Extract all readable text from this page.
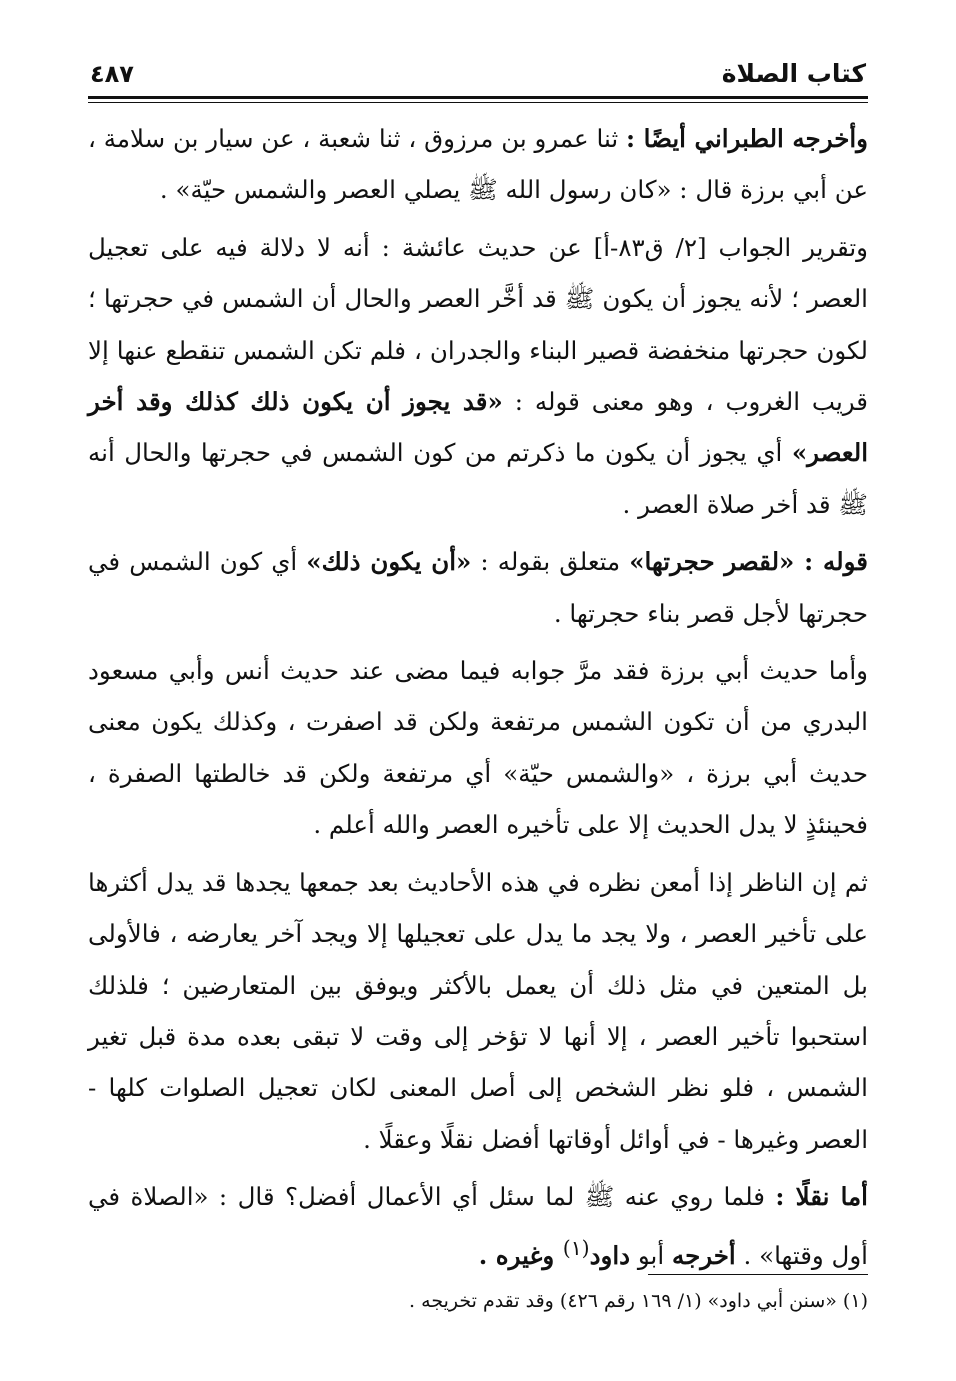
كتاب الصلاة
٤٨٧

وأخرجه الطبراني أيضًا : ثنا عمرو بن مرزوق ، ثنا شعبة ، عن سيار بن سلامة ، عن أبي برزة قال : «كان رسول الله ﷺ يصلي العصر والشمس حيّة» .

وتقرير الجواب [٢/ ق٨٣-أ] عن حديث عائشة : أنه لا دلالة فيه على تعجيل العصر ؛ لأنه يجوز أن يكون ﷺ قد أخَّر العصر والحال أن الشمس في حجرتها ؛ لكون حجرتها منخفضة قصير البناء والجدران ، فلم تكن الشمس تنقطع عنها إلا قريب الغروب ، وهو معنى قوله : «قد يجوز أن يكون ذلك كذلك وقد أخر العصر» أي يجوز أن يكون ما ذكرتم من كون الشمس في حجرتها والحال أنه ﷺ قد أخر صلاة العصر .

قوله : «لقصر حجرتها» متعلق بقوله : «أن يكون ذلك» أي كون الشمس في حجرتها لأجل قصر بناء حجرتها .

وأما حديث أبي برزة فقد مرَّ جوابه فيما مضى عند حديث أنس وأبي مسعود البدري من أن تكون الشمس مرتفعة ولكن قد اصفرت ، وكذلك يكون معنى حديث أبي برزة ، «والشمس حيّة» أي مرتفعة ولكن قد خالطتها الصفرة ، فحينئذٍ لا يدل الحديث إلا على تأخيره العصر والله أعلم .

ثم إن الناظر إذا أمعن نظره في هذه الأحاديث بعد جمعها يجدها قد يدل أكثرها على تأخير العصر ، ولا يجد ما يدل على تعجيلها إلا ويجد آخر يعارضه ، فالأولى بل المتعين في مثل ذلك أن يعمل بالأكثر ويوفق بين المتعارضين ؛ فلذلك استحبوا تأخير العصر ، إلا أنها لا تؤخر إلى وقت لا تبقى بعده مدة قبل تغير الشمس ، فلو نظر الشخص إلى أصل المعنى لكان تعجيل الصلوات كلها - العصر وغيرها - في أوائل أوقاتها أفضل نقلًا وعقلًا .

أما نقلًا : فلما روي عنه ﷺ لما سئل أي الأعمال أفضل؟ قال : «الصلاة في أول وقتها» . أخرجه أبو داود$^{(١)}$ وغيره .

(١) «سنن أبي داود» (١/ ١٦٩ رقم ٤٢٦) وقد تقدم تخريجه .
